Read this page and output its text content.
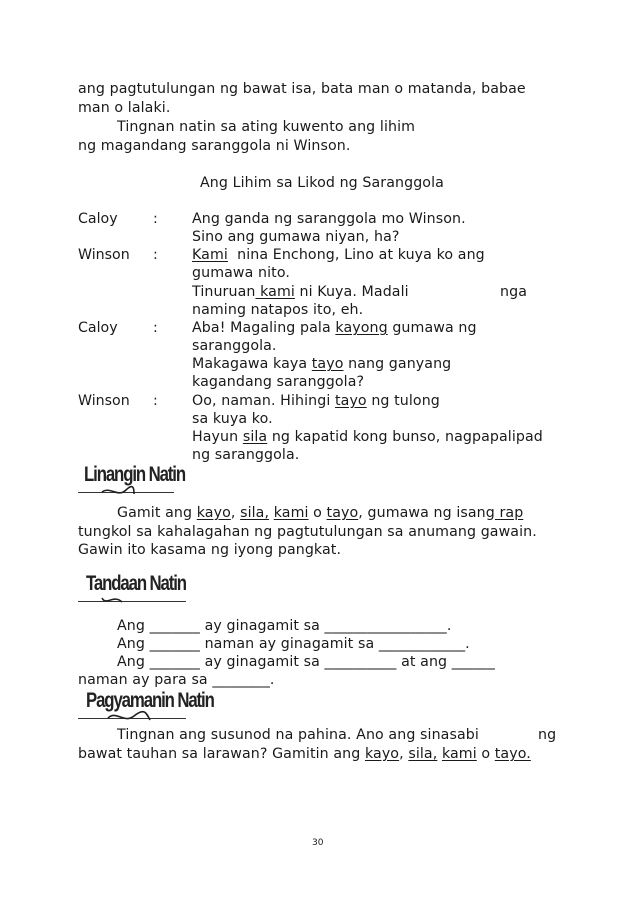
ang pagtutulungan ng bawat isa, bata man o matanda, babae
man o lalaki.
Tingnan natin sa ating kuwento ang lihim
ng magandang saranggola ni Winson.
Ang Lihim sa Likod ng Saranggola
Caloy : Ang ganda ng saranggola mo Winson.
Sino ang gumawa niyan, ha?
Winson : Kami  nina Enchong, Lino at kuya ko ang
gumawa nito.
Tinuruan kami ni Kuya. Madali	nga
naming natapos ito, eh.
Caloy : Aba! Magaling pala kayong gumawa ng
saranggola.
Makagawa kaya tayo nang ganyang
kagandang saranggola?
Winson : Oo, naman. Hihingi tayo ng tulong
sa kuya ko.
Hayun sila ng kapatid kong bunso, nagpapalipad
ng saranggola.
Linangin Natin
Gamit ang kayo, sila, kami o tayo, gumawa ng isang rap
tungkol sa kahalagahan ng pagtutulungan sa anumang gawain.
Gawin ito kasama ng iyong pangkat.
Tandaan Natin
Ang _______ ay ginagamit sa _________________.
Ang _______ naman ay ginagamit sa ____________.
Ang _______ ay ginagamit sa __________ at ang ______
naman ay para sa ________.
Pagyamanin Natin
Tingnan ang susunod na pahina. Ano ang sinasabi	ng
bawat tauhan sa larawan? Gamitin ang kayo, sila, kami o tayo.
30
